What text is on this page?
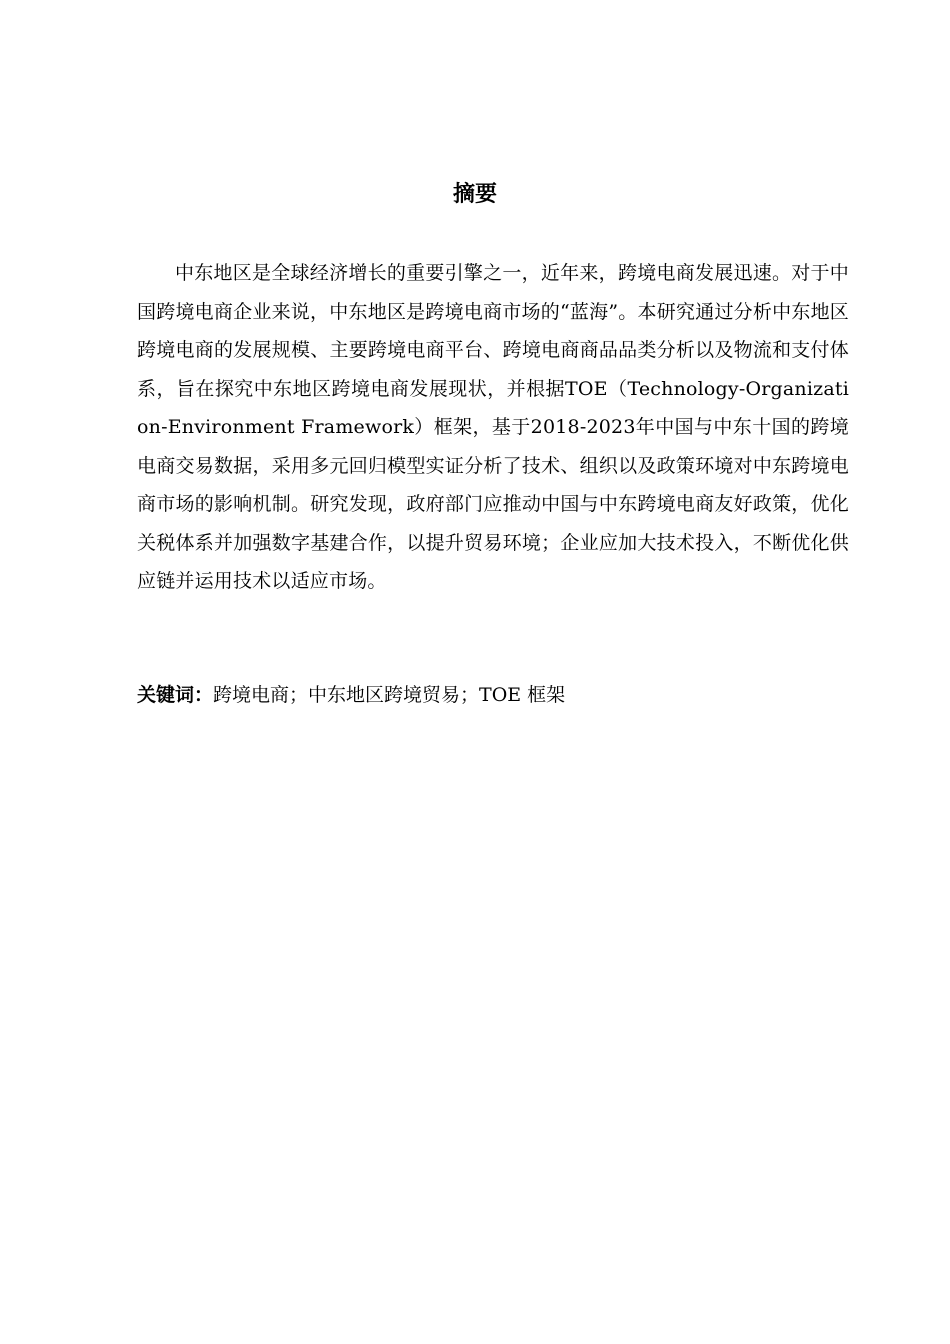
摘要

中东地区是全球经济增长的重要引擎之一，近年来，跨境电商发展迅速。对于中国跨境电商企业来说，中东地区是跨境电商市场的“蓝海”。本研究通过分析中东地区跨境电商的发展规模、主要跨境电商平台、跨境电商商品品类分析以及物流和支付体系，旨在探究中东地区跨境电商发展现状，并根据TOE（Technology-Organization-Environment Framework）框架，基于2018-2023年中国与中东十国的跨境电商交易数据，采用多元回归模型实证分析了技术、组织以及政策环境对中东跨境电商市场的影响机制。研究发现，政府部门应推动中国与中东跨境电商友好政策，优化关税体系并加强数字基建合作，以提升贸易环境；企业应加大技术投入，不断优化供应链并运用技术以适应市场。

关键词：跨境电商；中东地区跨境贸易；TOE 框架
